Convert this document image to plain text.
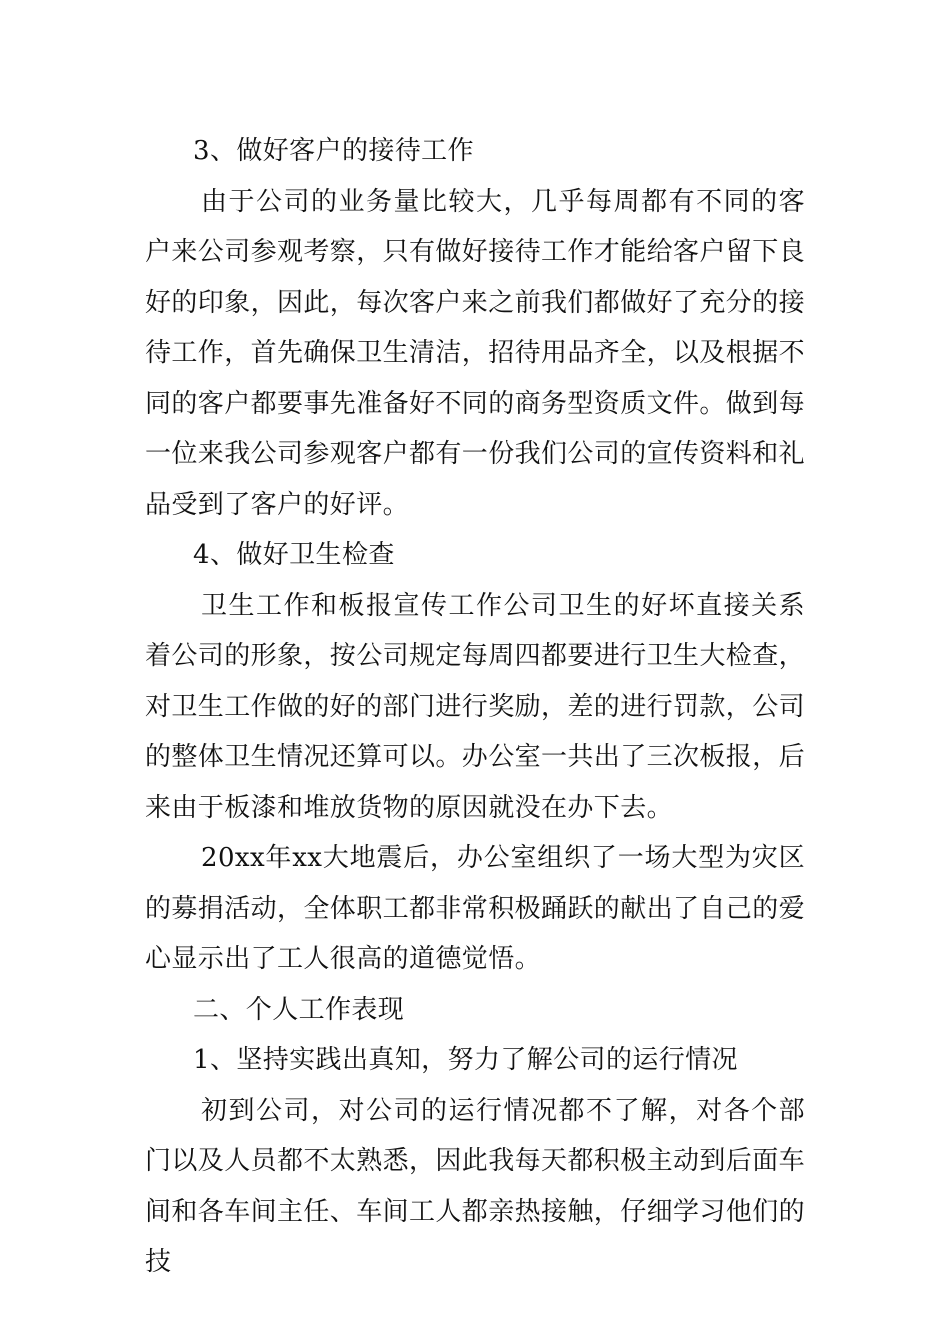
3、做好客户的接待工作

由于公司的业务量比较大，几乎每周都有不同的客户来公司参观考察，只有做好接待工作才能给客户留下良好的印象，因此，每次客户来之前我们都做好了充分的接待工作，首先确保卫生清洁，招待用品齐全，以及根据不同的客户都要事先准备好不同的商务型资质文件。做到每一位来我公司参观客户都有一份我们公司的宣传资料和礼品受到了客户的好评。

4、做好卫生检查

卫生工作和板报宣传工作公司卫生的好坏直接关系着公司的形象，按公司规定每周四都要进行卫生大检查，对卫生工作做的好的部门进行奖励，差的进行罚款，公司的整体卫生情况还算可以。办公室一共出了三次板报，后来由于板漆和堆放货物的原因就没在办下去。

20xx年xx大地震后，办公室组织了一场大型为灾区的募捐活动，全体职工都非常积极踊跃的献出了自己的爱心显示出了工人很高的道德觉悟。

二、个人工作表现

1、坚持实践出真知，努力了解公司的运行情况

初到公司，对公司的运行情况都不了解，对各个部门以及人员都不太熟悉，因此我每天都积极主动到后面车间和各车间主任、车间工人都亲热接触，仔细学习他们的技
